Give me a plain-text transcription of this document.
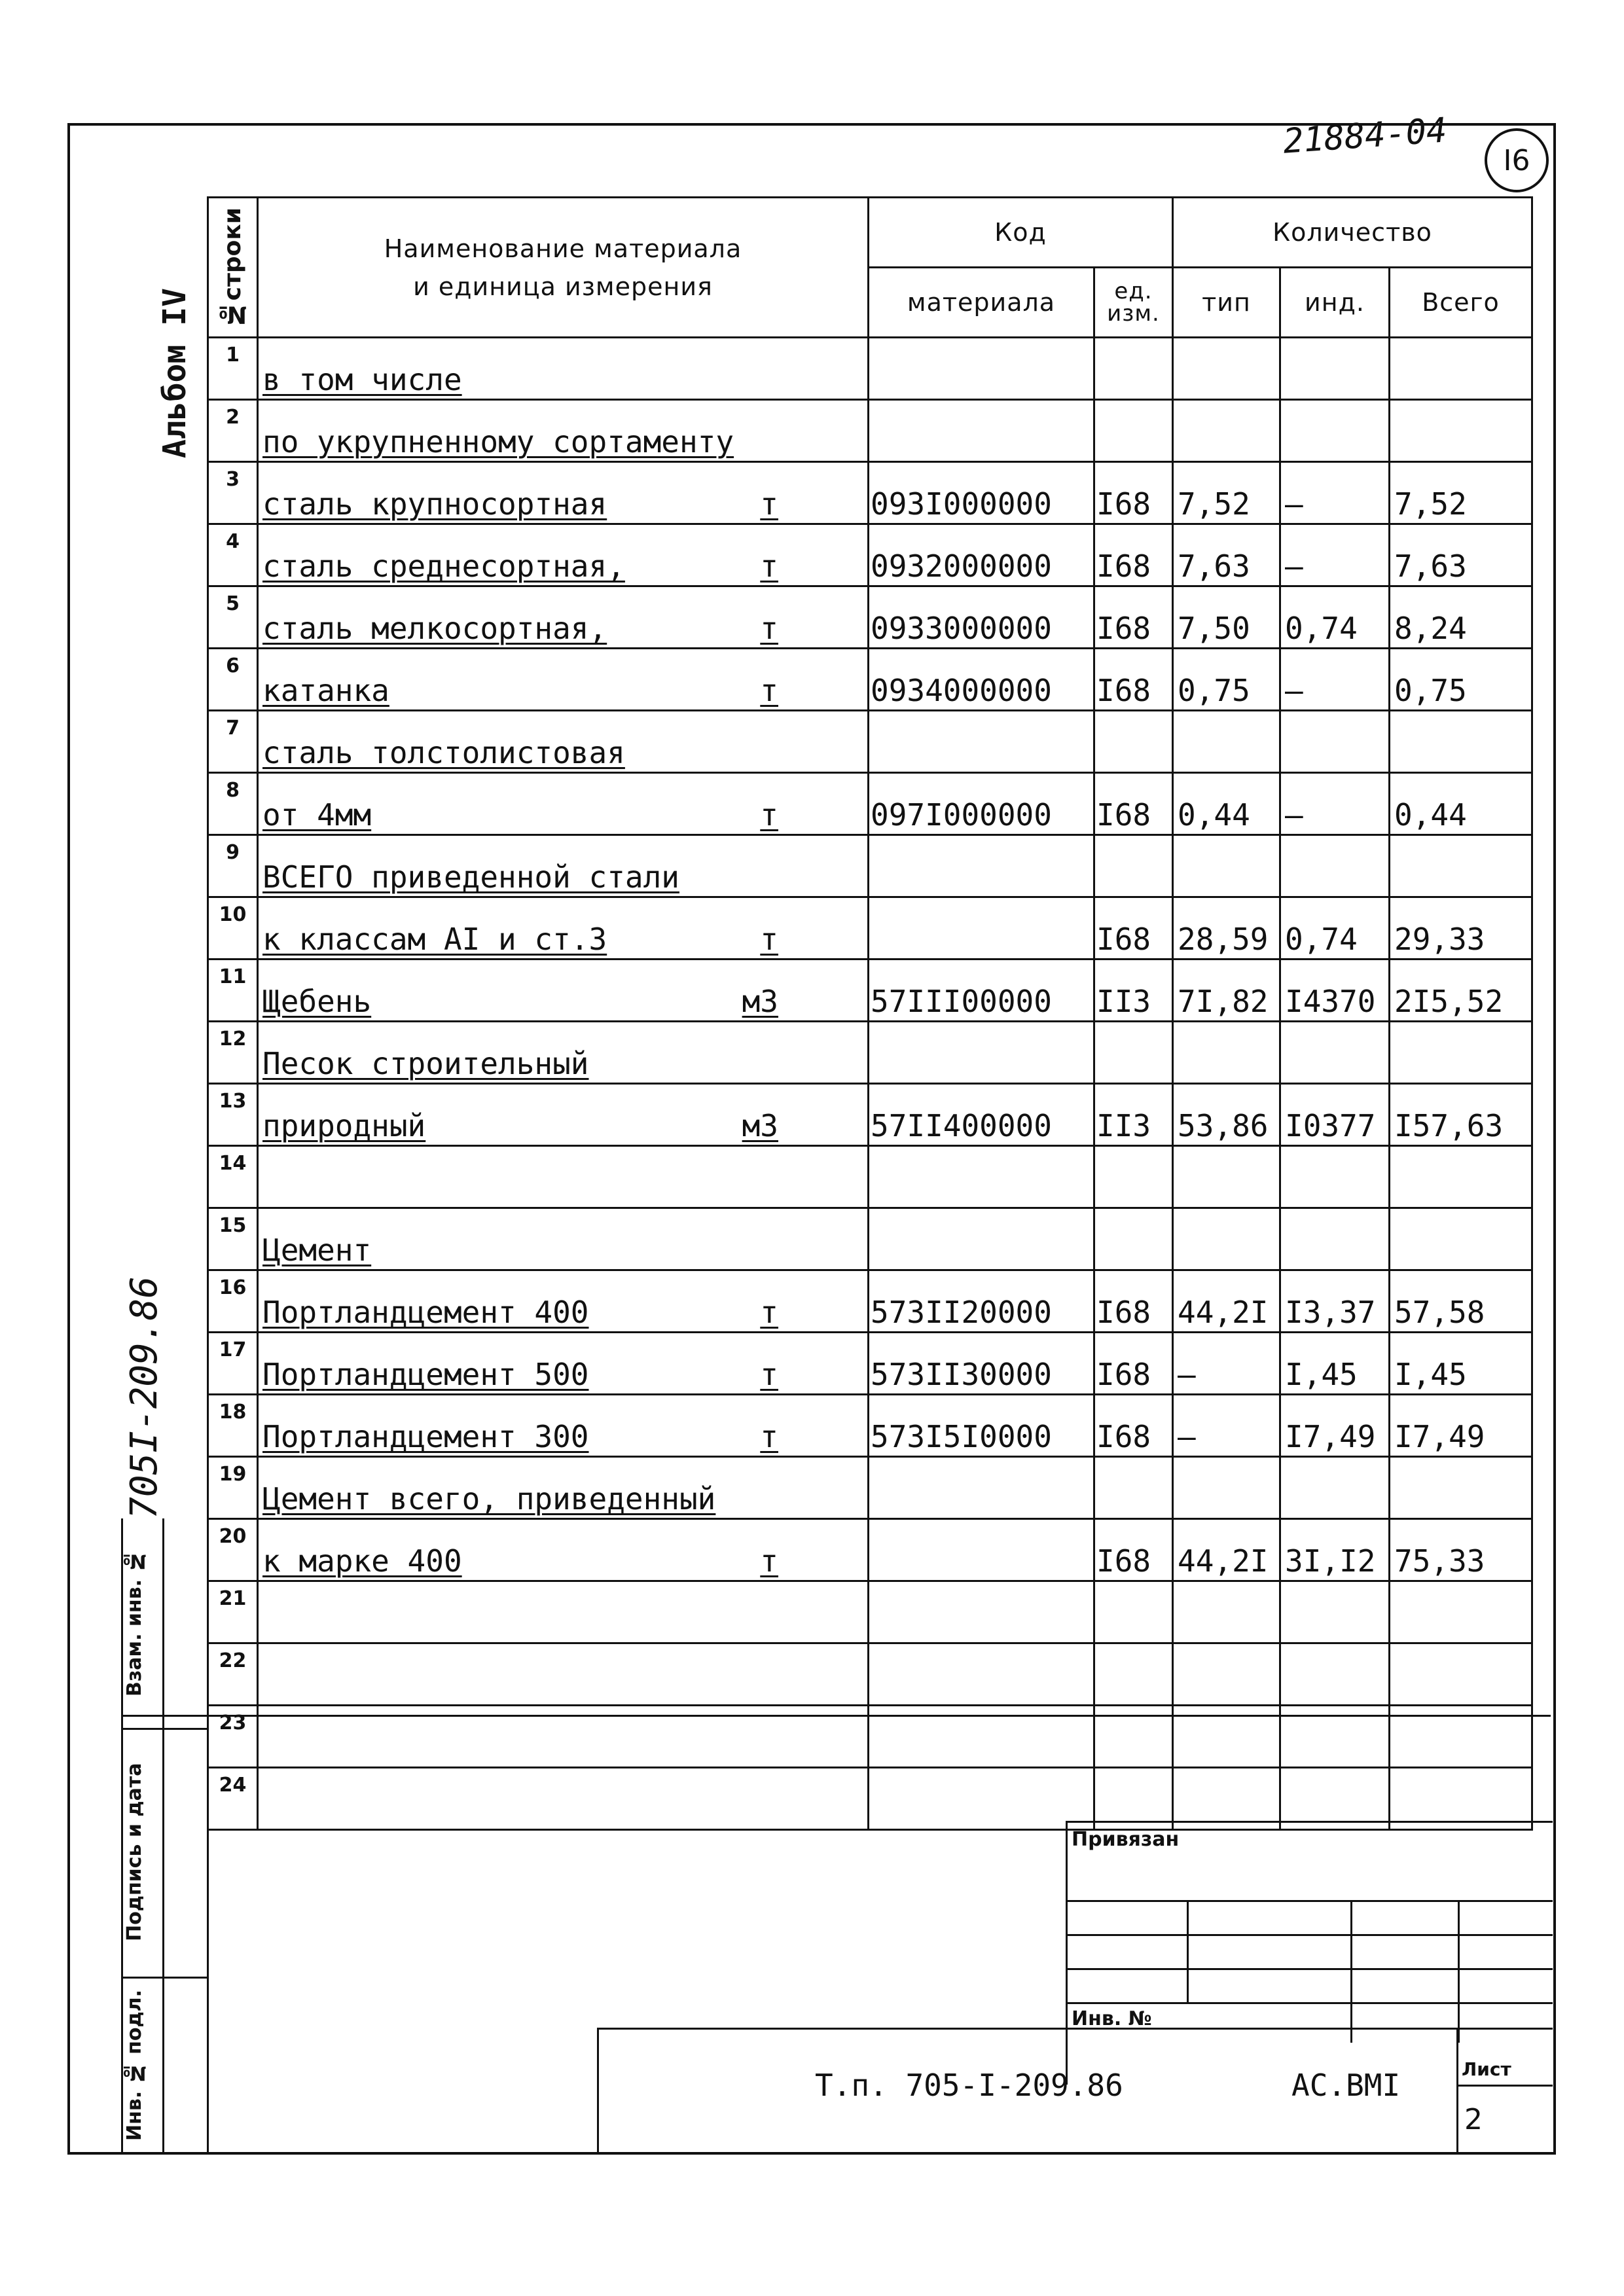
21884-04 I6
Альбом IV
705I-209.86
№строки	Наименование материала
и единица измерения	Код		Количество		
		материала	ед. изм.	тип	инд.	Всего
1	в том числе					

2	по укрупненному сортаменту					

3	сталь крупносортная т	093I000000	I68	7,52	–	7,52
4	сталь среднесортная, т	0932000000	I68	7,63	–	7,63
5	сталь мелкосортная, т	0933000000	I68	7,50	0,74	8,24
6	катанка т	0934000000	I68	0,75	–	0,75
7	сталь толстолистовая					

8	от 4мм т	097I000000	I68	0,44	–	0,44
9	ВСЕГО приведенной стали					

10	к классам АI и ст.3 т		I68	28,59	0,74	29,33
11	Щебень м3	57III00000	II3	7I,82	I4370	2I5,52
12	Песок строительный					

13	природный м3	57II400000	II3	53,86	I0377	I57,63
14	

15	Цемент					

16	Портландцемент 400 т	573II20000	I68	44,2I	I3,37	57,58
17	Портландцемент 500 т	573II30000	I68	–	I,45	I,45
18	Портландцемент 300 т	573I5I0000	I68	–	I7,49	I7,49
19	Цемент всего, приведенный					

20	к марке 400 т		I68	44,2I	3I,I2	75,33
21	

22	

23	

24	

Взам. инв. №
Подпись и дата
Инв. № подл.
Привязан
Инв. №
Т.п. 705-I-209.86	АС.ВМI	Лист
2
